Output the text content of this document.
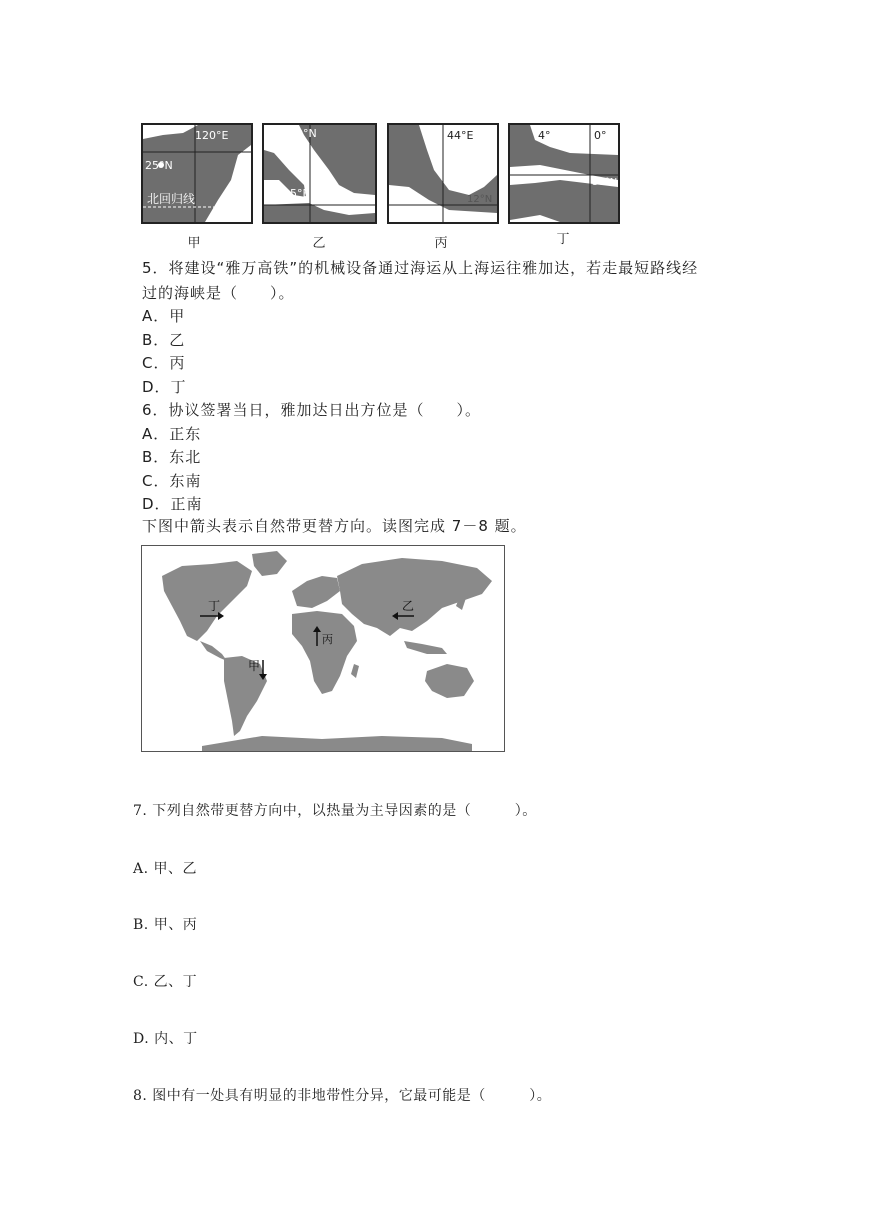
120°E
25°N
北回归线
甲
10°N
0° 5°E
乙
44°E
12°N
丙
4°	0°
30°N
丁
5．将建设“雅万高铁”的机械设备通过海运从上海运往雅加达，若走最短路线经
过的海峡是（　　）。
A．甲
B．乙
C．丙
D．丁
6．协议签署当日，雅加达日出方位是（　　）。
A．正东
B．东北
C．东南
D．正南
下图中箭头表示自然带更替方向。读图完成 7－8 题。
丁	乙
丙
甲
7. 下列自然带更替方向中，以热量为主导因素的是（　　　）。
A. 甲、乙
B. 甲、丙
C. 乙、丁
D. 内、丁
8. 图中有一处具有明显的非地带性分异，它最可能是（　　　）。
